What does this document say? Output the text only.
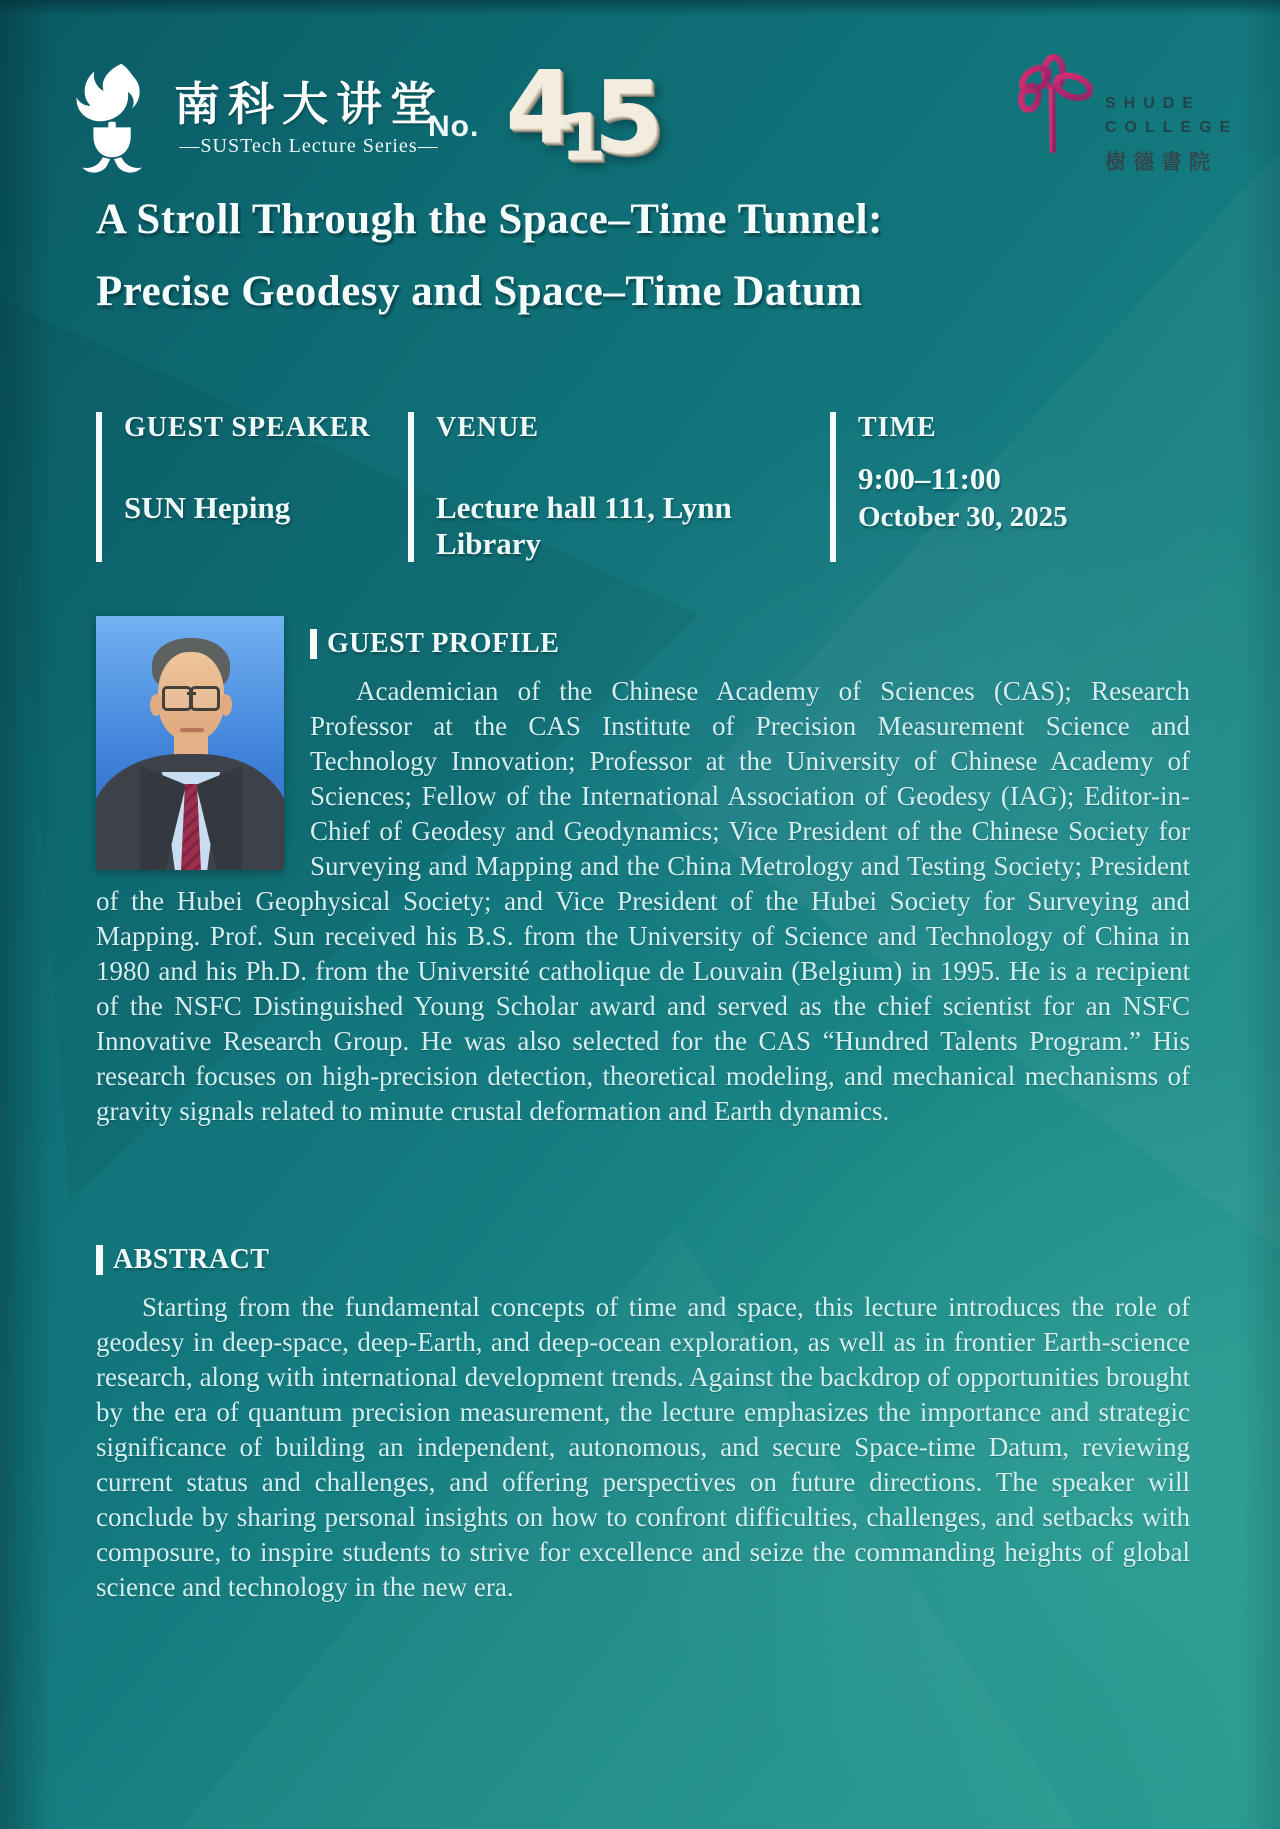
南科大讲堂
—SUSTech Lecture Series—
No. 4
1
5	SHUDE
COLLEGE
樹德書院
A Stroll Through the Space–Time Tunnel:
Precise Geodesy and Space–Time Datum
GUEST SPEAKER
SUN Heping
VENUE
Lecture hall 111, Lynn Library
TIME
9:00–11:00
October 30, 2025
GUEST PROFILE
Academician of the Chinese Academy of Sciences (CAS); Research Professor at the CAS Institute of Precision Measurement Science and Technology Innovation; Professor at the University of Chinese Academy of Sciences; Fellow of the International Association of Geodesy (IAG); Editor-in-Chief of Geodesy and Geodynamics; Vice President of the Chinese Society for Surveying and Mapping and the China Metrology and Testing Society; President of the Hubei Geophysical Society; and Vice President of the Hubei Society for Surveying and Mapping. Prof. Sun received his B.S. from the University of Science and Technology of China in 1980 and his Ph.D. from the Université catholique de Louvain (Belgium) in 1995. He is a recipient of the NSFC Distinguished Young Scholar award and served as the chief scientist for an NSFC Innovative Research Group. He was also selected for the CAS “Hundred Talents Program.” His research focuses on high-precision detection, theoretical modeling, and mechanical mechanisms of gravity signals related to minute crustal deformation and Earth dynamics.
ABSTRACT
Starting from the fundamental concepts of time and space, this lecture introduces the role of geodesy in deep-space, deep-Earth, and deep-ocean exploration, as well as in frontier Earth-science research, along with international development trends. Against the backdrop of opportunities brought by the era of quantum precision measurement, the lecture emphasizes the importance and strategic significance of building an independent, autonomous, and secure Space-time Datum, reviewing current status and challenges, and offering perspectives on future directions. The speaker will conclude by sharing personal insights on how to confront difficulties, challenges, and setbacks with composure, to inspire students to strive for excellence and seize the commanding heights of global science and technology in the new era.
